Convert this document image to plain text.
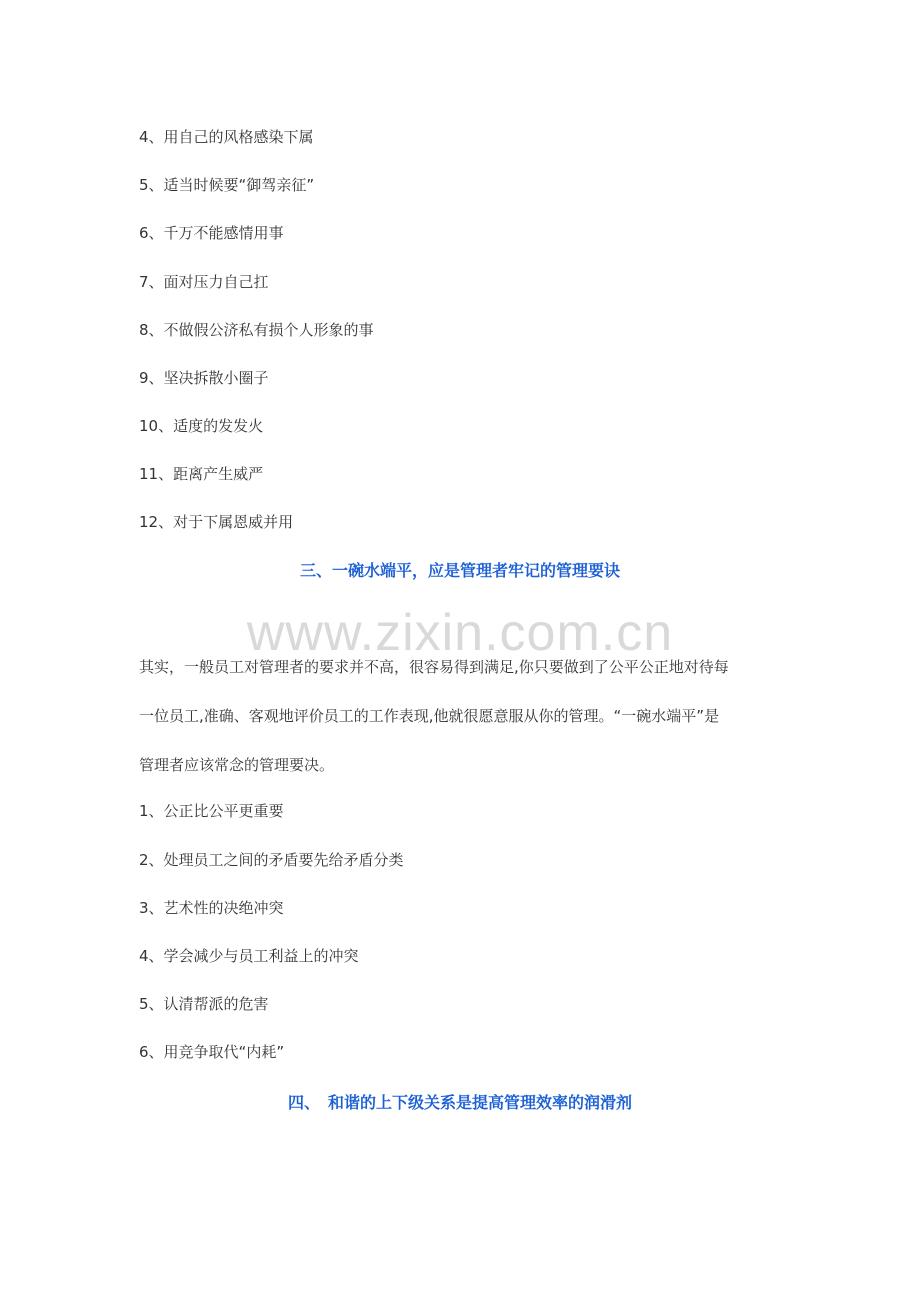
4、用自己的风格感染下属
5、适当时候要“御驾亲征”
6、千万不能感情用事
7、面对压力自己扛
8、不做假公济私有损个人形象的事
9、坚决拆散小圈子
10、适度的发发火
11、距离产生威严
12、对于下属恩威并用
三、一碗水端平，应是管理者牢记的管理要诀
www.zixin.com.cn
其实，一般员工对管理者的要求并不高，很容易得到满足,你只要做到了公平公正地对待每
一位员工,准确、客观地评价员工的工作表现,他就很愿意服从你的管理。“一碗水端平”是
管理者应该常念的管理要决。
1、公正比公平更重要
2、处理员工之间的矛盾要先给矛盾分类
3、艺术性的决绝冲突
4、学会减少与员工利益上的冲突
5、认清帮派的危害
6、用竞争取代“内耗”
四、　和谐的上下级关系是提高管理效率的润滑剂
